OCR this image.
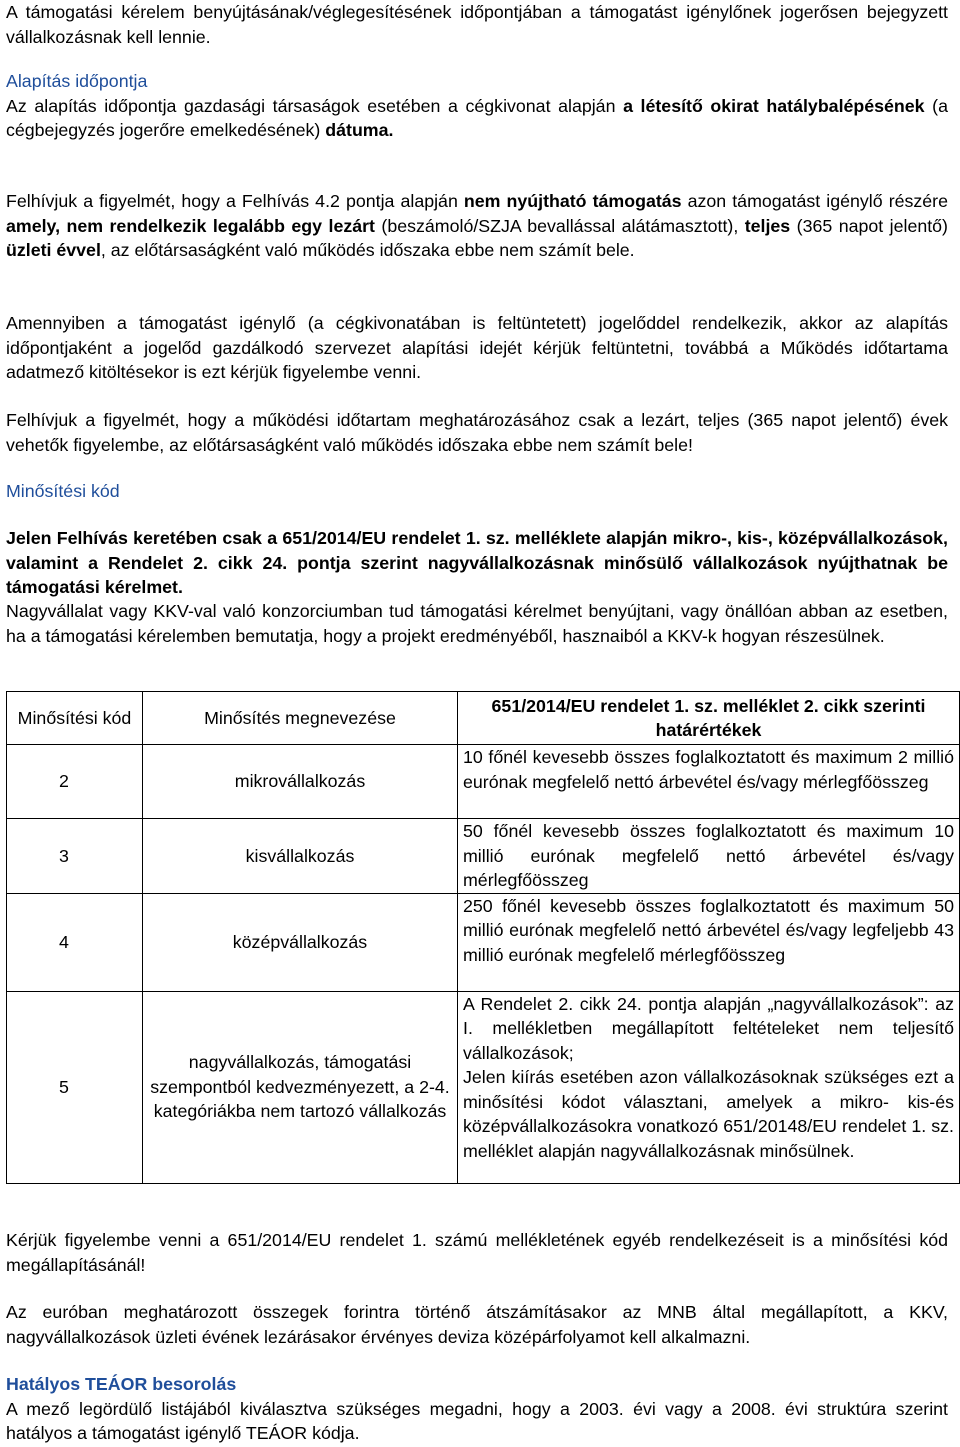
A támogatási kérelem benyújtásának/véglegesítésének időpontjában a támogatást igénylőnek jogerősen bejegyzett vállalkozásnak kell lennie.

Alapítás időpontja

Az alapítás időpontja gazdasági társaságok esetében a cégkivonat alapján a létesítő okirat hatálybalépésének (a cégbejegyzés jogerőre emelkedésének) dátuma.

Felhívjuk a figyelmét, hogy a Felhívás 4.2 pontja alapján nem nyújtható támogatás azon támogatást igénylő részére amely, nem rendelkezik legalább egy lezárt (beszámoló/SZJA bevallással alátámasztott), teljes (365 napot jelentő) üzleti évvel, az előtársaságként való működés időszaka ebbe nem számít bele.

Amennyiben a támogatást igénylő (a cégkivonatában is feltüntetett) jogelőddel rendelkezik, akkor az alapítás időpontjaként a jogelőd gazdálkodó szervezet alapítási idejét kérjük feltüntetni, továbbá a Működés időtartama adatmező kitöltésekor is ezt kérjük figyelembe venni.

Felhívjuk a figyelmét, hogy a működési időtartam meghatározásához csak a lezárt, teljes (365 napot jelentő) évek vehetők figyelembe, az előtársaságként való működés időszaka ebbe nem számít bele!

Minősítési kód

Jelen Felhívás keretében csak a 651/2014/EU rendelet 1. sz. melléklete alapján mikro-, kis-, középvállalkozások, valamint a Rendelet 2. cikk 24. pontja szerint nagyvállalkozásnak minősülő vállalkozások nyújthatnak be támogatási kérelmet.

Nagyvállalat vagy KKV-val való konzorciumban tud támogatási kérelmet benyújtani, vagy önállóan abban az esetben, ha a támogatási kérelemben bemutatja, hogy a projekt eredményéből, hasznaiból a KKV-k hogyan részesülnek.

Minősítési kód	Minősítés megnevezése	651/2014/EU rendelet 1. sz. melléklet 2. cikk szerinti határértékek
2	mikrovállalkozás	10 főnél kevesebb összes foglalkoztatott és maximum 2 millió eurónak megfelelő nettó árbevétel és/vagy mérlegfőösszeg
3	kisvállalkozás	50 főnél kevesebb összes foglalkoztatott és maximum 10 millió eurónak megfelelő nettó árbevétel és/vagy mérlegfőösszeg
4	középvállalkozás	250 főnél kevesebb összes foglalkoztatott és maximum 50 millió eurónak megfelelő nettó árbevétel és/vagy legfeljebb 43 millió eurónak megfelelő mérlegfőösszeg
5	nagyvállalkozás, támogatási szempontból kedvezményezett, a 2-4. kategóriákba nem tartozó vállalkozás	A Rendelet 2. cikk 24. pontja alapján „nagyvállalkozások”: az I. mellékletben megállapított feltételeket nem teljesítő vállalkozások;
Jelen kiírás esetében azon vállalkozásoknak szükséges ezt a minősítési kódot választani, amelyek a mikro- kis-és középvállalkozásokra vonatkozó 651/20148/EU rendelet 1. sz. melléklet alapján nagyvállalkozásnak minősülnek.

Kérjük figyelembe venni a 651/2014/EU rendelet 1. számú mellékletének egyéb rendelkezéseit is a minősítési kód megállapításánál!

Az euróban meghatározott összegek forintra történő átszámításakor az MNB által megállapított, a KKV, nagyvállalkozások üzleti évének lezárásakor érvényes deviza középárfolyamot kell alkalmazni.

Hatályos TEÁOR besorolás

A mező legördülő listájából kiválasztva szükséges megadni, hogy a 2003. évi vagy a 2008. évi struktúra szerint hatályos a támogatást igénylő TEÁOR kódja.
